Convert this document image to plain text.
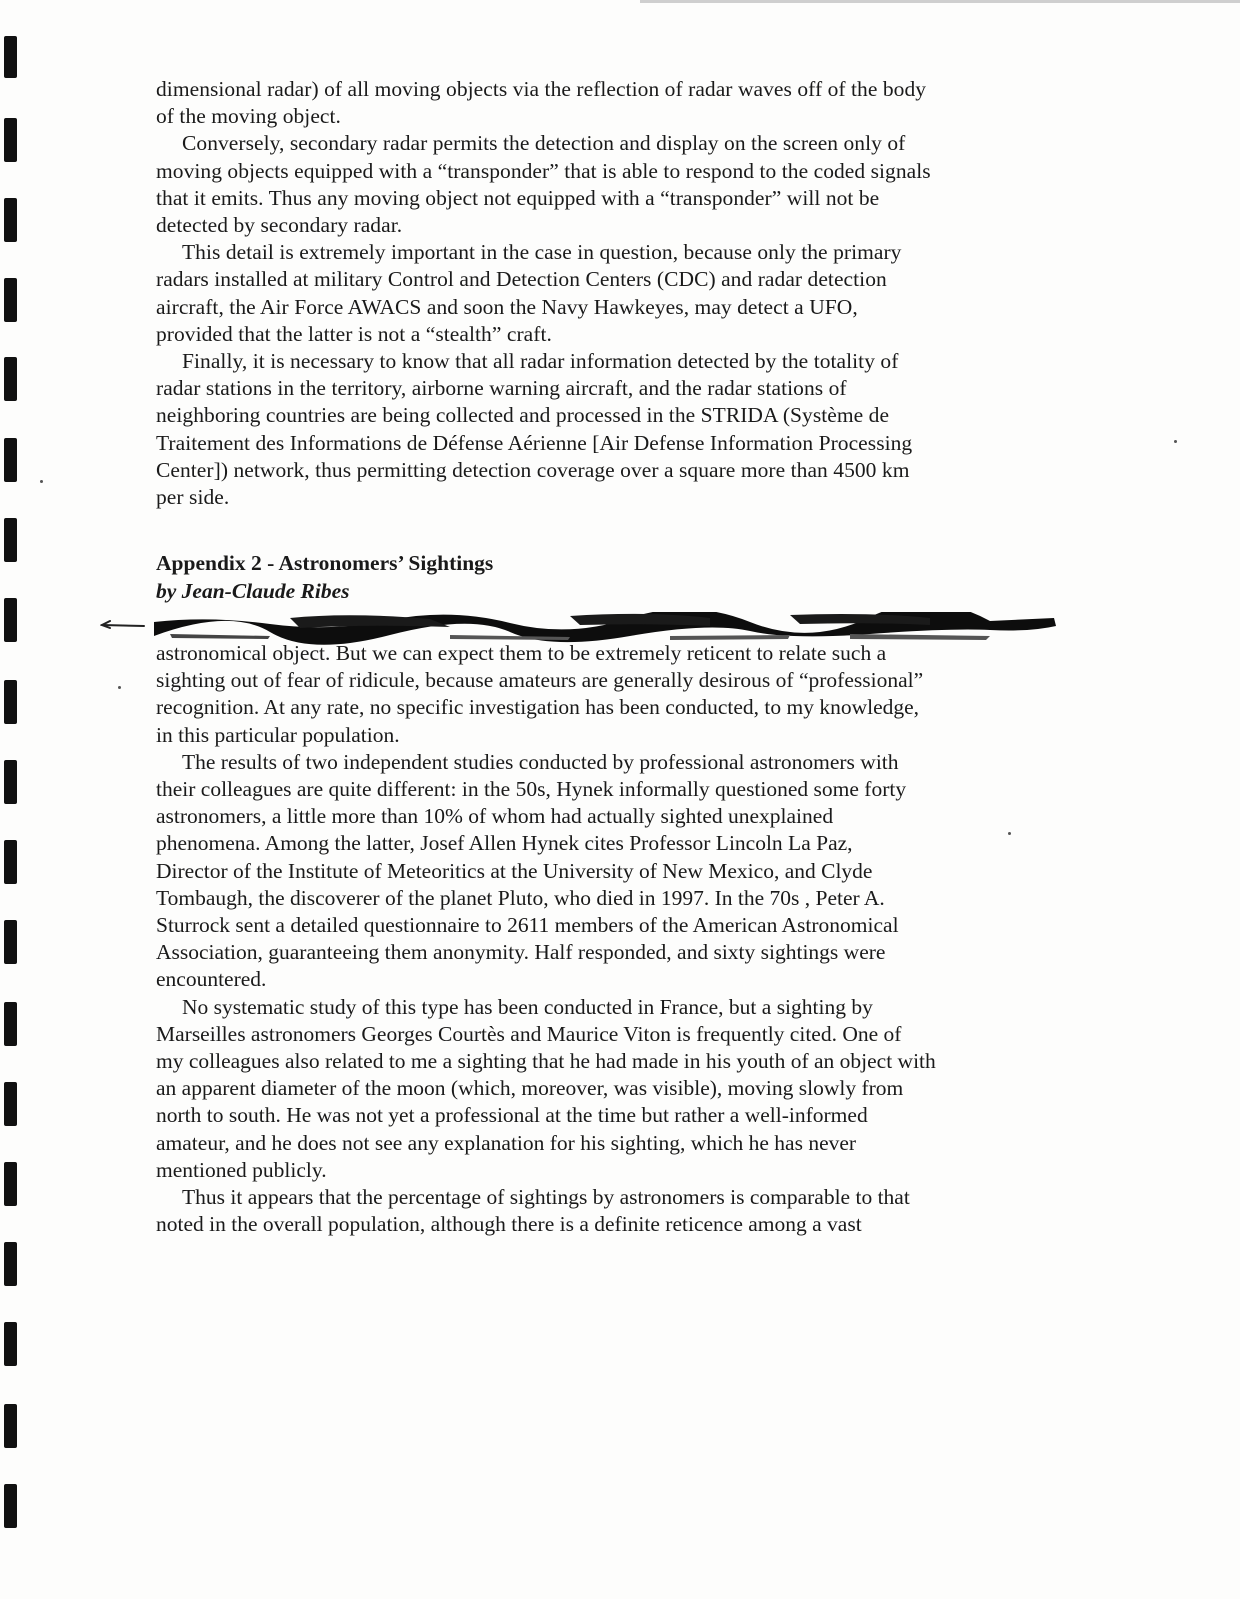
dimensional radar) of all moving objects via the reflection of radar waves off of the body
of the moving object.
Conversely, secondary radar permits the detection and display on the screen only of
moving objects equipped with a “transponder” that is able to respond to the coded signals
that it emits. Thus any moving object not equipped with a “transponder” will not be
detected by secondary radar.
This detail is extremely important in the case in question, because only the primary
radars installed at military Control and Detection Centers (CDC) and radar detection
aircraft, the Air Force AWACS and soon the Navy Hawkeyes, may detect a UFO,
provided that the latter is not a “stealth” craft.
Finally, it is necessary to know that all radar information detected by the totality of
radar stations in the territory, airborne warning aircraft, and the radar stations of
neighboring countries are being collected and processed in the STRIDA (Système de
Traitement des Informations de Défense Aérienne [Air Defense Information Processing
Center]) network, thus permitting detection coverage over a square more than 4500 km
per side.
Appendix 2 - Astronomers’ Sightings
by Jean-Claude Ribes
astronomical object. But we can expect them to be extremely reticent to relate such a
sighting out of fear of ridicule, because amateurs are generally desirous of “professional”
recognition. At any rate, no specific investigation has been conducted, to my knowledge,
in this particular population.
The results of two independent studies conducted by professional astronomers with
their colleagues are quite different: in the 50s, Hynek informally questioned some forty
astronomers, a little more than 10% of whom had actually sighted unexplained
phenomena. Among the latter, Josef Allen Hynek cites Professor Lincoln La Paz,
Director of the Institute of Meteoritics at the University of New Mexico, and Clyde
Tombaugh, the discoverer of the planet Pluto, who died in 1997. In the 70s , Peter A.
Sturrock sent a detailed questionnaire to 2611 members of the American Astronomical
Association, guaranteeing them anonymity. Half responded, and sixty sightings were
encountered.
No systematic study of this type has been conducted in France, but a sighting by
Marseilles astronomers Georges Courtès and Maurice Viton is frequently cited. One of
my colleagues also related to me a sighting that he had made in his youth of an object with
an apparent diameter of the moon (which, moreover, was visible), moving slowly from
north to south. He was not yet a professional at the time but rather a well-informed
amateur, and he does not see any explanation for his sighting, which he has never
mentioned publicly.
Thus it appears that the percentage of sightings by astronomers is comparable to that
noted in the overall population, although there is a definite reticence among a vast
